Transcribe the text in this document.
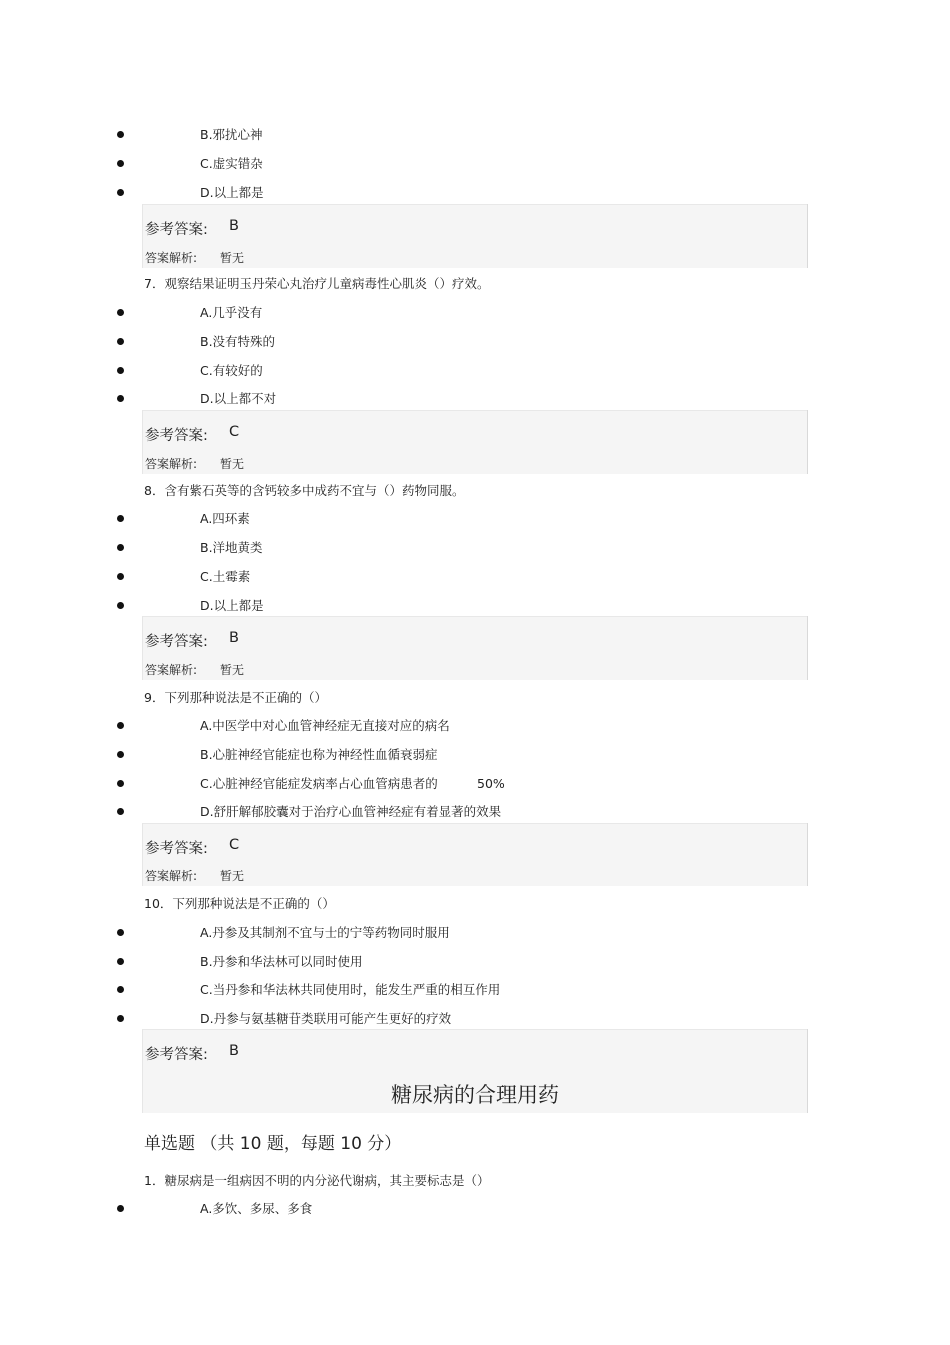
B.邪扰心神
C.虚实错杂
D.以上都是
参考答案: B
答案解析: 暂无
7．观察结果证明玉丹荣心丸治疗儿童病毒性心肌炎（）疗效。
A.几乎没有
B.没有特殊的
C.有较好的
D.以上都不对
参考答案: C
答案解析: 暂无
8．含有紫石英等的含钙较多中成药不宜与（）药物同服。
A.四环素
B.洋地黄类
C.土霉素
D.以上都是
参考答案: B
答案解析: 暂无
9．下列那种说法是不正确的（）
A.中医学中对心血管神经症无直接对应的病名
B.心脏神经官能症也称为神经性血循衰弱症
C.心脏神经官能症发病率占心血管病患者的	50%
D.舒肝解郁胶囊对于治疗心血管神经症有着显著的效果
参考答案: C
答案解析: 暂无
10．下列那种说法是不正确的（）
A.丹参及其制剂不宜与士的宁等药物同时服用
B.丹参和华法林可以同时使用
C.当丹参和华法林共同使用时，能发生严重的相互作用
D.丹参与氨基糖苷类联用可能产生更好的疗效
参考答案: B
糖尿病的合理用药
单选题 （共 10 题，每题 10 分）
1．糖尿病是一组病因不明的内分泌代谢病，其主要标志是（）
A.多饮、多尿、多食
